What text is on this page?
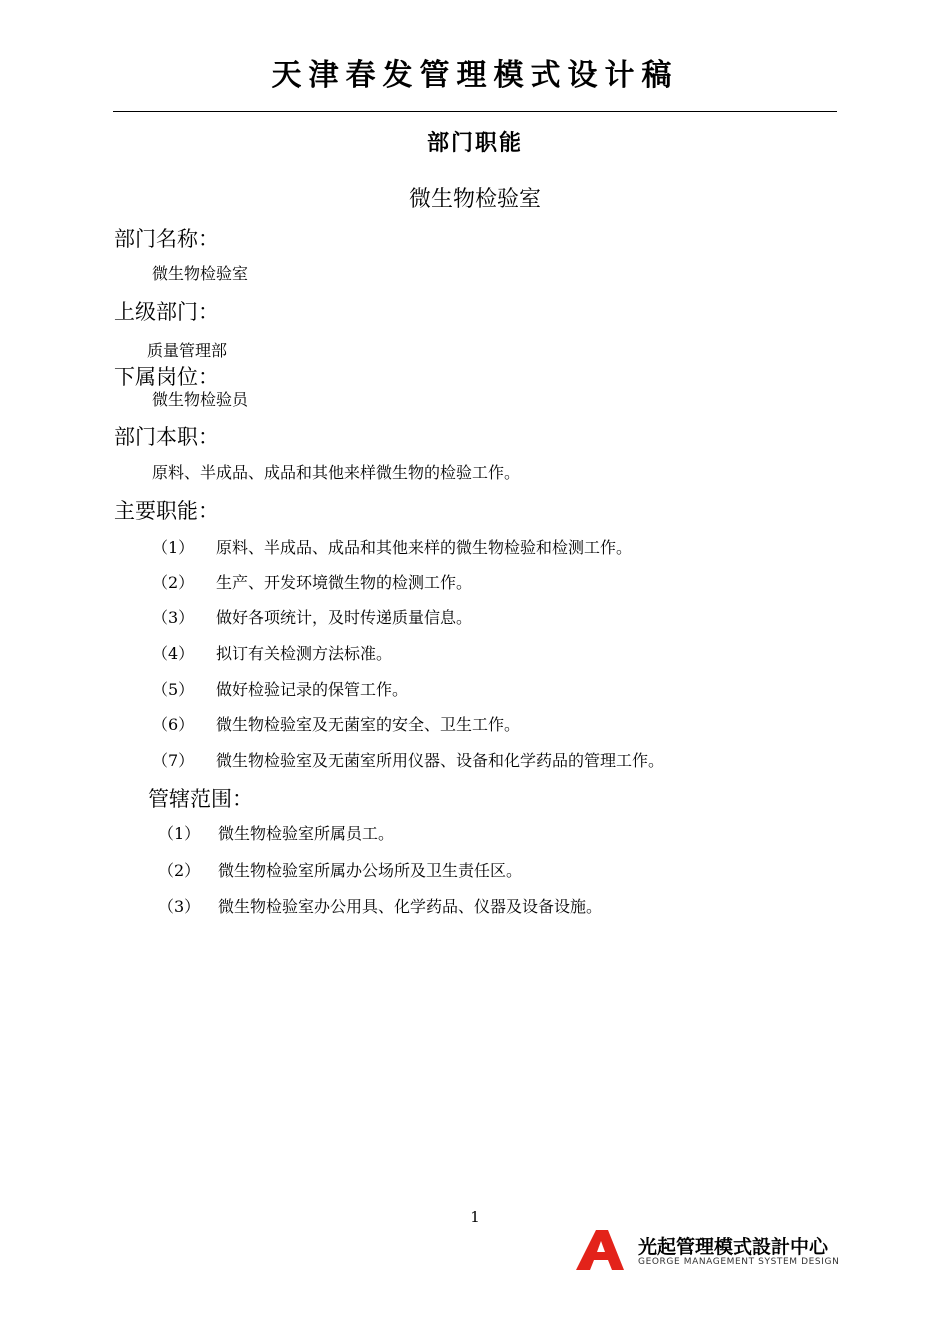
天津春发管理模式设计稿
部门职能
微生物检验室
部门名称：
微生物检验室
上级部门：
质量管理部
下属岗位：
微生物检验员
部门本职：
原料、半成品、成品和其他来样微生物的检验工作。
主要职能：
（1） 原料、半成品、成品和其他来样的微生物检验和检测工作。
（2） 生产、开发环境微生物的检测工作。
（3） 做好各项统计，及时传递质量信息。
（4） 拟订有关检测方法标准。
（5） 做好检验记录的保管工作。
（6） 微生物检验室及无菌室的安全、卫生工作。
（7） 微生物检验室及无菌室所用仪器、设备和化学药品的管理工作。
管辖范围：
（1） 微生物检验室所属员工。
（2） 微生物检验室所属办公场所及卫生责任区。
（3） 微生物检验室办公用具、化学药品、仪器及设备设施。
1
光起管理模式設計中心
GEORGE MANAGEMENT SYSTEM DESIGN
